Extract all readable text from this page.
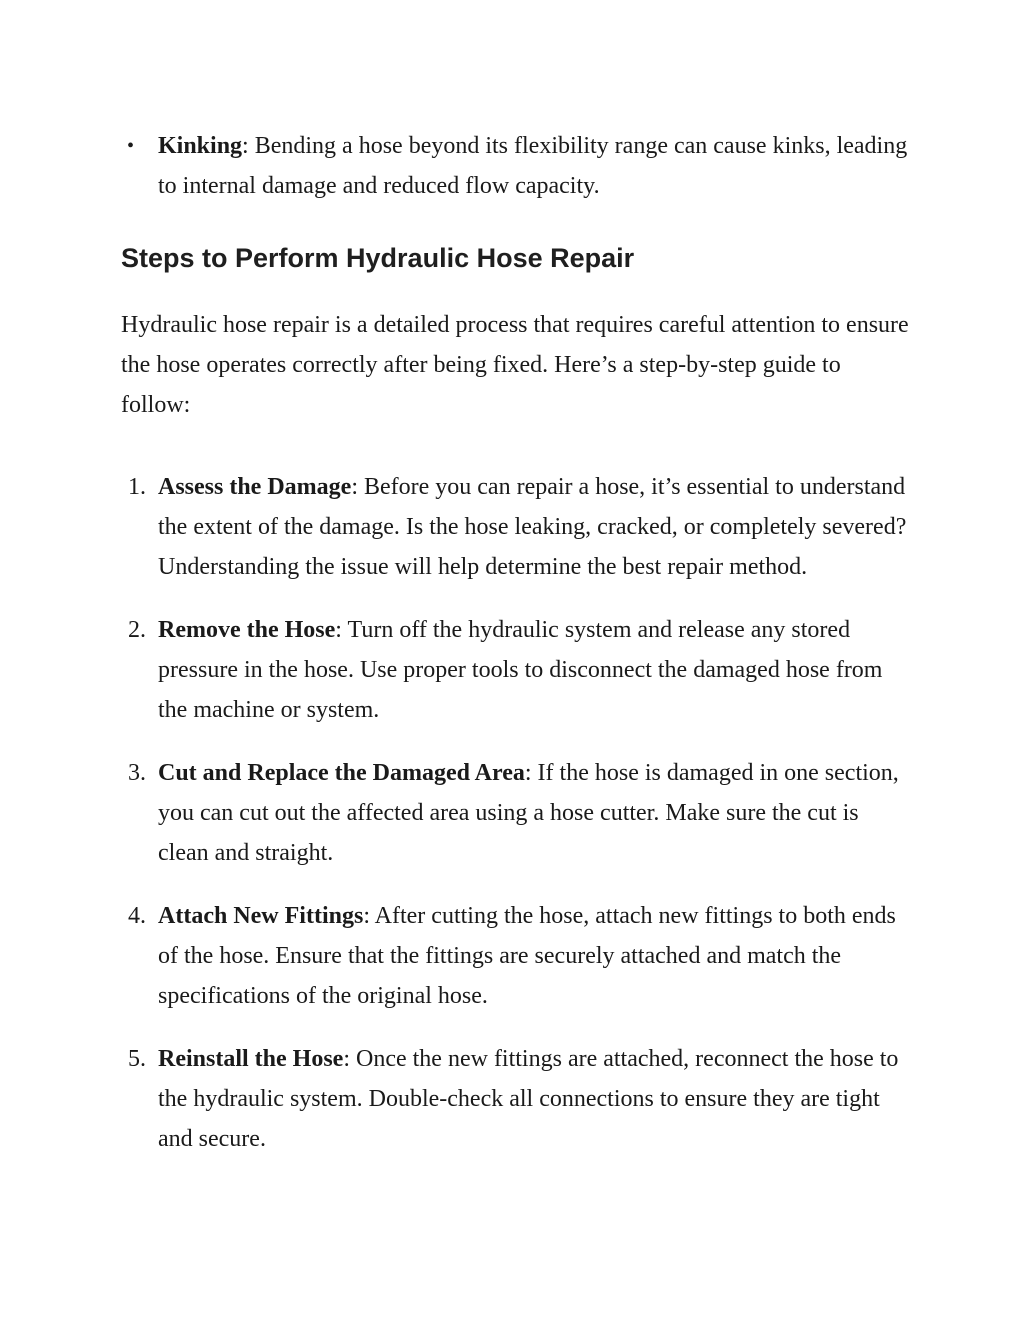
• Kinking: Bending a hose beyond its flexibility range can cause kinks, leading to internal damage and reduced flow capacity.
Steps to Perform Hydraulic Hose Repair

Hydraulic hose repair is a detailed process that requires careful attention to ensure the hose operates correctly after being fixed. Here’s a step-by-step guide to follow:

1. Assess the Damage: Before you can repair a hose, it’s essential to understand the extent of the damage. Is the hose leaking, cracked, or completely severed? Understanding the issue will help determine the best repair method.
2. Remove the Hose: Turn off the hydraulic system and release any stored pressure in the hose. Use proper tools to disconnect the damaged hose from the machine or system.
3. Cut and Replace the Damaged Area: If the hose is damaged in one section, you can cut out the affected area using a hose cutter. Make sure the cut is clean and straight.
4. Attach New Fittings: After cutting the hose, attach new fittings to both ends of the hose. Ensure that the fittings are securely attached and match the specifications of the original hose.
5. Reinstall the Hose: Once the new fittings are attached, reconnect the hose to the hydraulic system. Double-check all connections to ensure they are tight and secure.
